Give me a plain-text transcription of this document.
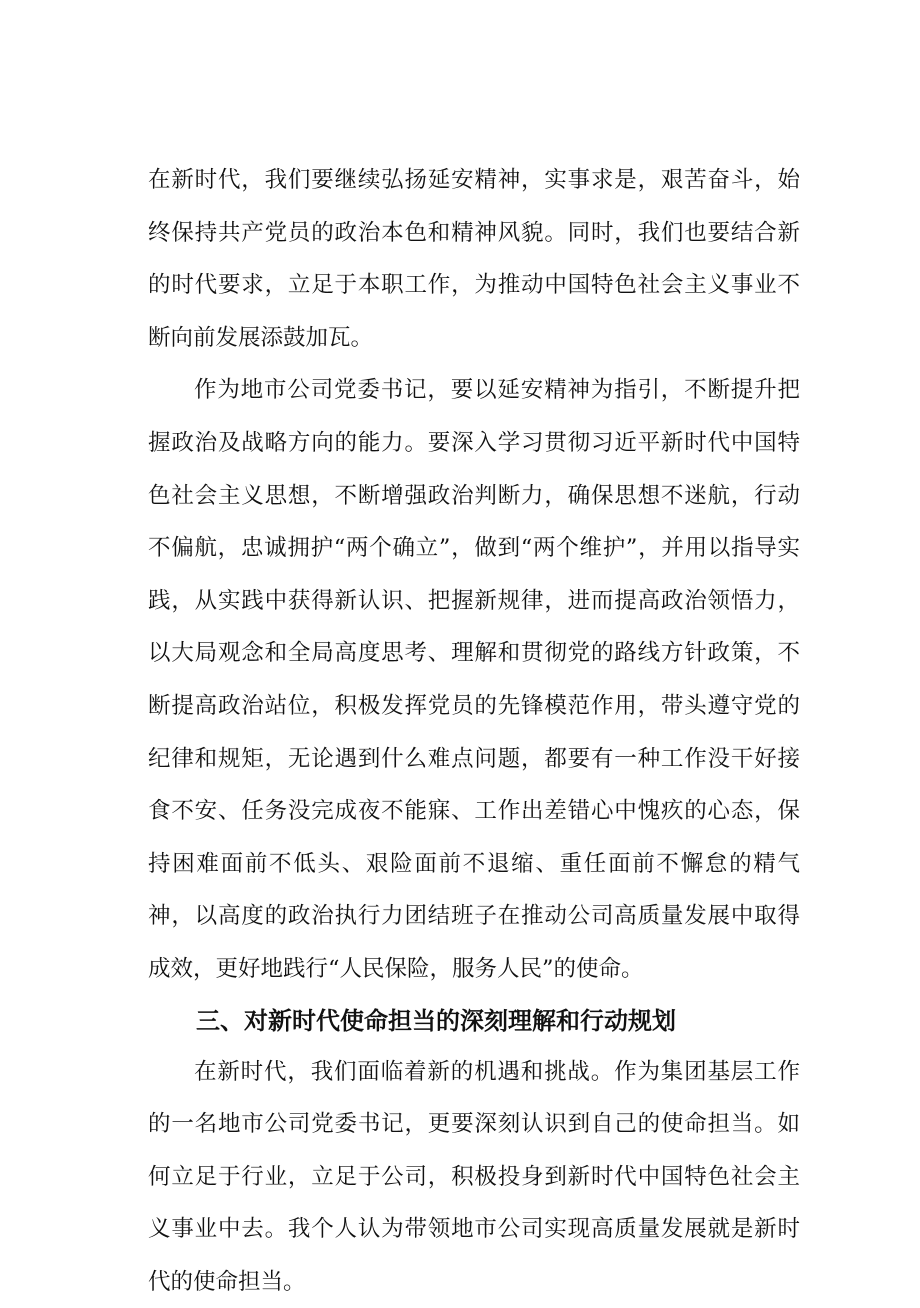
在新时代，我们要继续弘扬延安精神，实事求是，艰苦奋斗，始终保持共产党员的政治本色和精神风貌。同时，我们也要结合新的时代要求，立足于本职工作，为推动中国特色社会主义事业不断向前发展添鼓加瓦。

作为地市公司党委书记，要以延安精神为指引，不断提升把握政治及战略方向的能力。要深入学习贯彻习近平新时代中国特色社会主义思想，不断增强政治判断力，确保思想不迷航，行动不偏航，忠诚拥护“两个确立”，做到“两个维护”，并用以指导实践，从实践中获得新认识、把握新规律，进而提高政治领悟力，以大局观念和全局高度思考、理解和贯彻党的路线方针政策，不断提高政治站位，积极发挥党员的先锋模范作用，带头遵守党的纪律和规矩，无论遇到什么难点问题，都要有一种工作没干好接食不安、任务没完成夜不能寐、工作出差错心中愧疚的心态，保持困难面前不低头、艰险面前不退缩、重任面前不懈怠的精气神，以高度的政治执行力团结班子在推动公司高质量发展中取得成效，更好地践行“人民保险，服务人民”的使命。

三、对新时代使命担当的深刻理解和行动规划

在新时代，我们面临着新的机遇和挑战。作为集团基层工作的一名地市公司党委书记，更要深刻认识到自己的使命担当。如何立足于行业，立足于公司，积极投身到新时代中国特色社会主义事业中去。我个人认为带领地市公司实现高质量发展就是新时代的使命担当。
